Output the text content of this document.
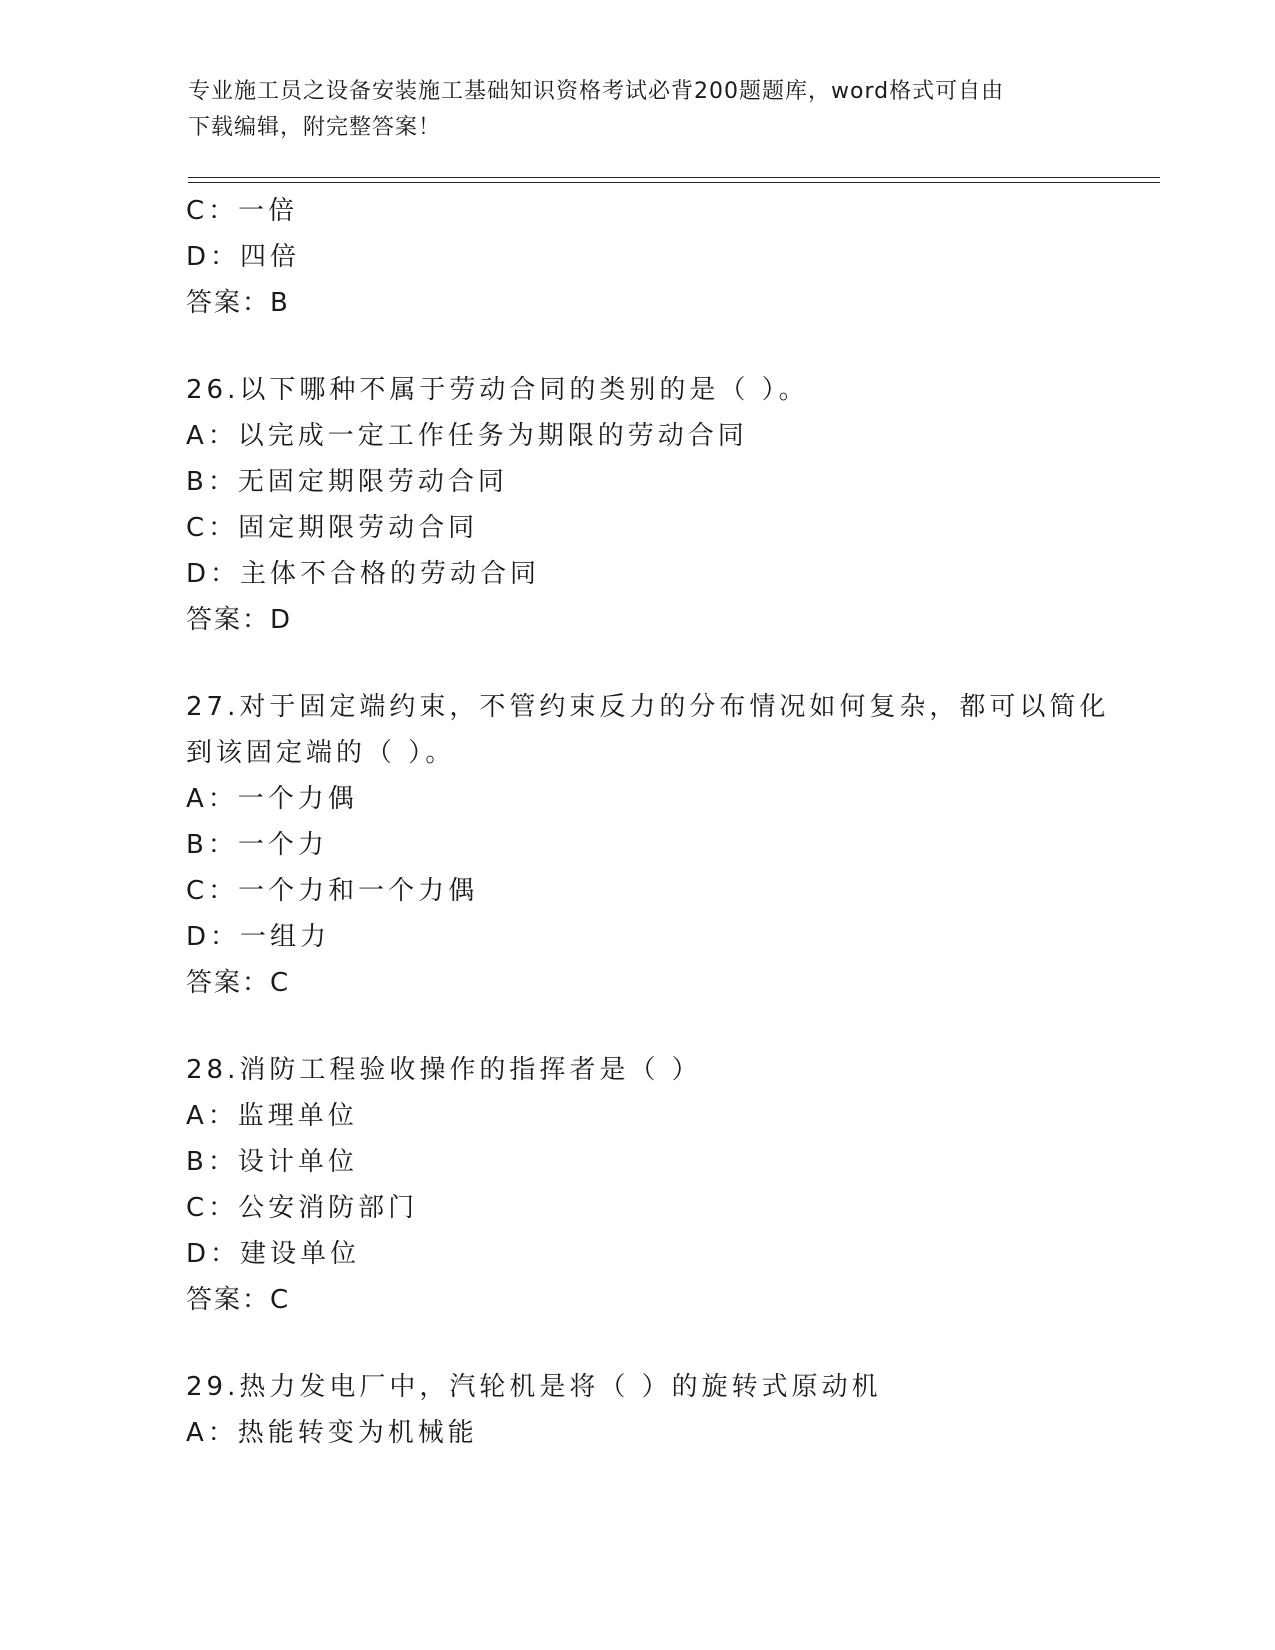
专业施工员之设备安装施工基础知识资格考试必背200题题库，word格式可自由
下载编辑，附完整答案！
C：一倍
D：四倍
答案：B
26.以下哪种不属于劳动合同的类别的是（ ）。
A：以完成一定工作任务为期限的劳动合同
B：无固定期限劳动合同
C：固定期限劳动合同
D：主体不合格的劳动合同
答案：D
27.对于固定端约束，不管约束反力的分布情况如何复杂，都可以简化
到该固定端的（ ）。
A：一个力偶
B：一个力
C：一个力和一个力偶
D：一组力
答案：C
28.消防工程验收操作的指挥者是（ ）
A：监理单位
B：设计单位
C：公安消防部门
D：建设单位
答案：C
29.热力发电厂中，汽轮机是将（ ）的旋转式原动机
A：热能转变为机械能
